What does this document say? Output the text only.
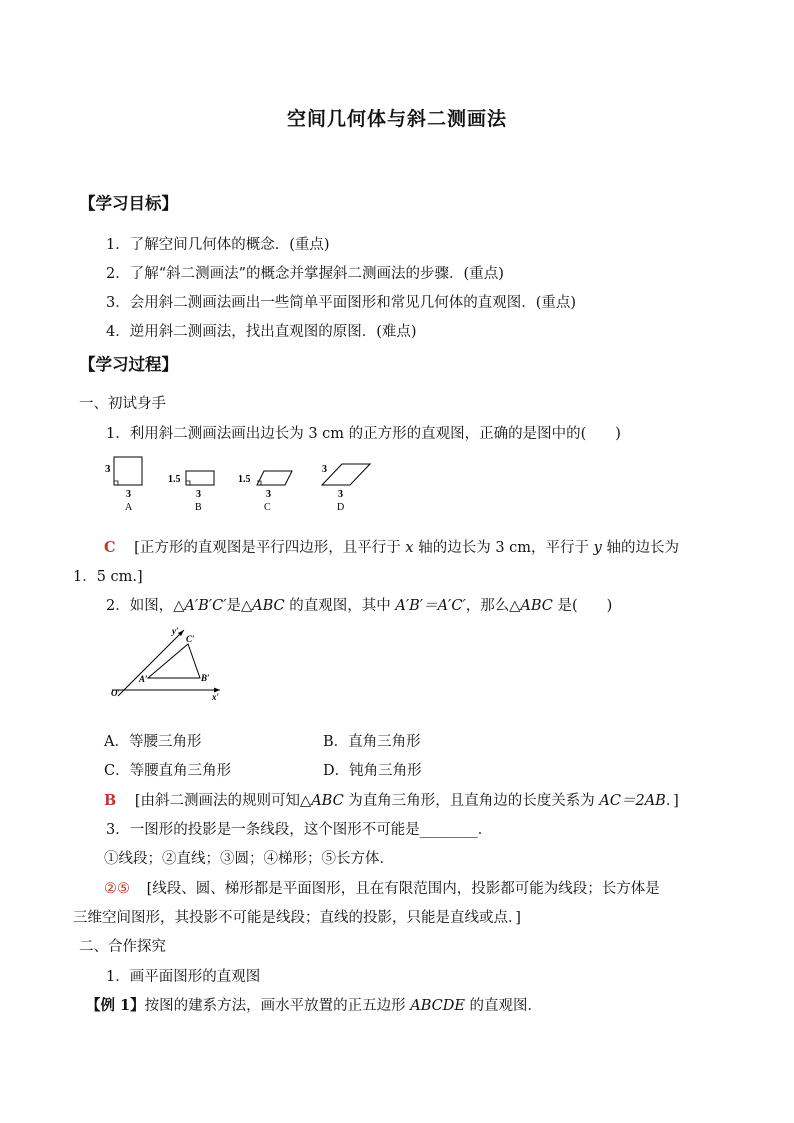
空间几何体与斜二测画法
【学习目标】
1．了解空间几何体的概念．(重点)
2．了解“斜二测画法”的概念并掌握斜二测画法的步骤．(重点)
3．会用斜二测画法画出一些简单平面图形和常见几何体的直观图．(重点)
4．逆用斜二测画法，找出直观图的原图．(难点)
【学习过程】
一、初试身手
1．利用斜二测画法画出边长为 3 cm 的正方形的直观图，正确的是图中的(　　)
3
3
A
1.5
3
B
1.5
3
C
3
3
D
C [正方形的直观图是平行四边形，且平行于 x 轴的边长为 3 cm，平行于 y 轴的边长为
1．5 cm.]
2．如图，△A′B′C′是△ABC 的直观图，其中 A′B′＝A′C′，那么△ABC 是(　　)
y′
C′
A′	B′
O′	x′
A．等腰三角形	B．直角三角形
C．等腰直角三角形	D．钝角三角形
B [由斜二测画法的规则可知△ABC 为直角三角形，且直角边的长度关系为 AC＝2AB．]
3．一图形的投影是一条线段，这个图形不可能是________．
①线段；②直线；③圆；④梯形；⑤长方体．
②⑤ [线段、圆、梯形都是平面图形，且在有限范围内，投影都可能为线段；长方体是
三维空间图形，其投影不可能是线段；直线的投影，只能是直线或点．]
二、合作探究
1．画平面图形的直观图
【例 1】按图的建系方法，画水平放置的正五边形 ABCDE 的直观图．
